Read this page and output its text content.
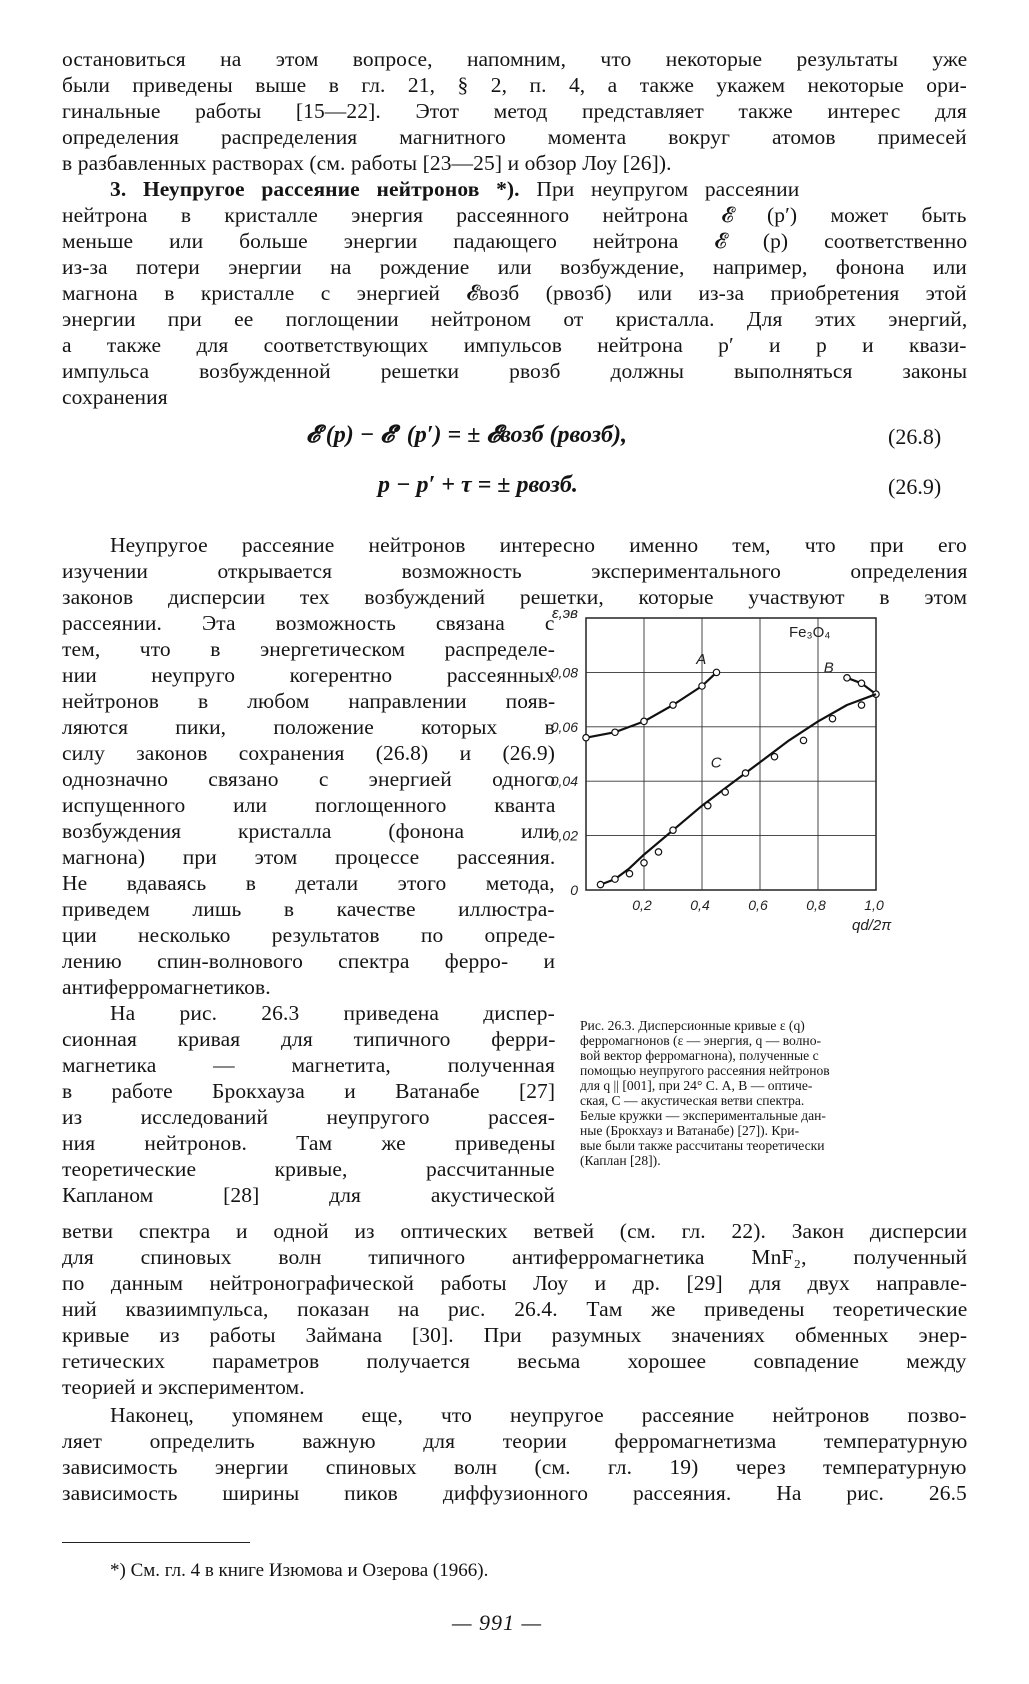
остановиться на этом вопросе, напомним, что некоторые результаты уже
были приведены выше в гл. 21, § 2, п. 4, а также укажем некоторые ори-
гинальные работы [15—22]. Этот метод представляет также интерес для
определения распределения магнитного момента вокруг атомов примесей
в разбавленных растворах (см. работы [23—25] и обзор Лоу [26]).
3. Неупругое рассеяние нейтронов *). При неупругом рассеянии
нейтрона в кристалле энергия рассеянного нейтрона 𝓔 (p′) может быть
меньше или больше энергии падающего нейтрона 𝓔 (p) соответственно
из-за потери энергии на рождение или возбуждение, например, фонона или
магнона в кристалле с энергией 𝓔возб (pвозб) или из-за приобретения этой
энергии при ее поглощении нейтроном от кристалла. Для этих энергий,
а также для соответствующих импульсов нейтрона p′ и p и квази-
импульса возбужденной решетки pвозб должны выполняться законы
сохранения
𝓔 (p) − 𝓔′ (p′) = ± 𝓔возб (pвозб),	(26.8)
p − p′ + τ = ± pвозб.	(26.9)
Неупругое рассеяние нейтронов интересно именно тем, что при его
изучении открывается возможность экспериментального определения
законов дисперсии тех возбуждений решетки, которые участвуют в этом
рассеянии. Эта возможность связана с
тем, что в энергетическом распределе-
нии неупруго когерентно рассеянных
нейтронов в любом направлении появ-
ляются пики, положение которых в
силу законов сохранения (26.8) и (26.9)
однозначно связано с энергией одного
испущенного или поглощенного кванта
возбуждения кристалла (фонона или
магнона) при этом процессе рассеяния.
Не вдаваясь в детали этого метода,
приведем лишь в качестве иллюстра-
ции несколько результатов по опреде-
лению спин-волнового спектра ферро- и
антиферромагнетиков.
На рис. 26.3 приведена диспер-
сионная кривая для типичного ферри-
магнетика — магнетита, полученная
в работе Брокхауза и Ватанабе [27]
из исследований неупругого рассея-
ния нейтронов. Там же приведены
теоретические кривые, рассчитанные
Капланом [28] для акустической
ветви спектра и одной из оптических ветвей (см. гл. 22). Закон дисперсии
для спиновых волн типичного антиферромагнетика MnF₂, полученный
по данным нейтронографической работы Лоу и др. [29] для двух направле-
ний квазиимпульса, показан на рис. 26.4. Там же приведены теоретические
кривые из работы Займана [30]. При разумных значениях обменных энер-
гетических параметров получается весьма хорошее совпадение между
теорией и экспериментом.
Наконец, упомянем еще, что неупругое рассеяние нейтронов позво-
ляет определить важную для теории ферромагнетизма температурную
зависимость энергии спиновых волн (см. гл. 19) через температурную
зависимость ширины пиков диффузионного рассеяния. На рис. 26.5
0,2	0,4	0,6	0,8	1,0
0
0,02
0,04
0,06
0,08
ε,эв
qd/2π
Fe₃O₄
A	B
C
Рис. 26.3. Дисперсионные кривые ε (q)
ферромагнонов (ε — энергия, q — волно-
вой вектор ферромагнона), полученные с
помощью неупругого рассеяния нейтронов
для q || [001], при 24° С. A, B — оптиче-
ская, C — акустическая ветви спектра.
Белые кружки — экспериментальные дан-
ные (Брокхауз и Ватанабе) [27]). Кри-
вые были также рассчитаны теоретически
(Каплан [28]).
*) См. гл. 4 в книге Изюмова и Озерова (1966).
— 991 —
